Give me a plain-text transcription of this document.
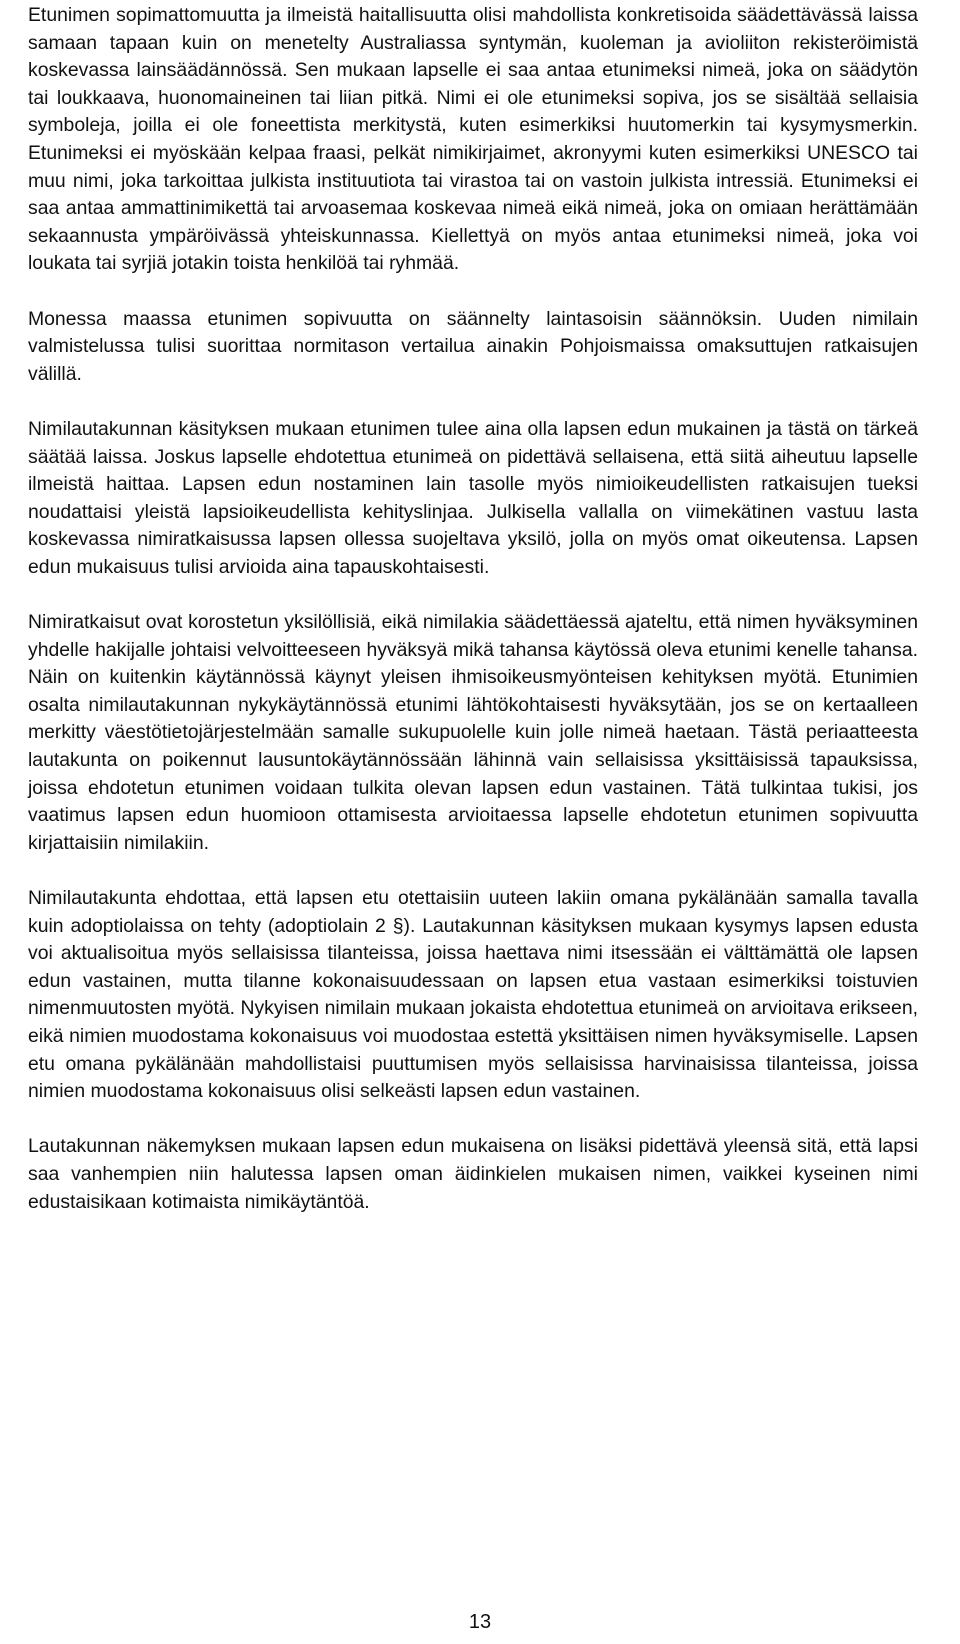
Etunimen sopimattomuutta ja ilmeistä haitallisuutta olisi mahdollista konkretisoida säädettävässä laissa samaan tapaan kuin on menetelty Australiassa syntymän, kuoleman ja avioliiton rekisteröimistä koskevassa lainsäädännössä. Sen mukaan lapselle ei saa antaa etunimeksi nimeä, joka on säädytön tai loukkaava, huonomaineinen tai liian pitkä. Nimi ei ole etunimeksi sopiva, jos se sisältää sellaisia symboleja, joilla ei ole foneettista merkitystä, kuten esimerkiksi huutomerkin tai kysymysmerkin. Etunimeksi ei myöskään kelpaa fraasi, pelkät nimikirjaimet, akronyymi kuten esimerkiksi UNESCO tai muu nimi, joka tarkoittaa julkista instituutiota tai virastoa tai on vastoin julkista intressiä. Etunimeksi ei saa antaa ammattinimikettä tai arvoasemaa koskevaa nimeä eikä nimeä, joka on omiaan herättämään sekaannusta ympäröivässä yhteiskunnassa. Kiellettyä on myös antaa etunimeksi nimeä, joka voi loukata tai syrjiä jotakin toista henkilöä tai ryhmää.

Monessa maassa etunimen sopivuutta on säännelty laintasoisin säännöksin. Uuden nimilain valmistelussa tulisi suorittaa normitason vertailua ainakin Pohjoismaissa omaksuttujen ratkaisujen välillä.

Nimilautakunnan käsityksen mukaan etunimen tulee aina olla lapsen edun mukainen ja tästä on tärkeä säätää laissa. Joskus lapselle ehdotettua etunimeä on pidettävä sellaisena, että siitä aiheutuu lapselle ilmeistä haittaa. Lapsen edun nostaminen lain tasolle myös nimioikeudellisten ratkaisujen tueksi noudattaisi yleistä lapsioikeudellista kehityslinjaa. Julkisella vallalla on viimekätinen vastuu lasta koskevassa nimiratkaisussa lapsen ollessa suojeltava yksilö, jolla on myös omat oikeutensa. Lapsen edun mukaisuus tulisi arvioida aina tapauskohtaisesti.

Nimiratkaisut ovat korostetun yksilöllisiä, eikä nimilakia säädettäessä ajateltu, että nimen hyväksyminen yhdelle hakijalle johtaisi velvoitteeseen hyväksyä mikä tahansa käytössä oleva etunimi kenelle tahansa. Näin on kuitenkin käytännössä käynyt yleisen ihmisoikeusmyönteisen kehityksen myötä. Etunimien osalta nimilautakunnan nykykäytännössä etunimi lähtökohtaisesti hyväksytään, jos se on kertaalleen merkitty väestötietojärjestelmään samalle sukupuolelle kuin jolle nimeä haetaan. Tästä periaatteesta lautakunta on poikennut lausuntokäytännössään lähinnä vain sellaisissa yksittäisissä tapauksissa, joissa ehdotetun etunimen voidaan tulkita olevan lapsen edun vastainen. Tätä tulkintaa tukisi, jos vaatimus lapsen edun huomioon ottamisesta arvioitaessa lapselle ehdotetun etunimen sopivuutta kirjattaisiin nimilakiin.

Nimilautakunta ehdottaa, että lapsen etu otettaisiin uuteen lakiin omana pykälänään samalla tavalla kuin adoptiolaissa on tehty (adoptiolain 2 §). Lautakunnan käsityksen mukaan kysymys lapsen edusta voi aktualisoitua myös sellaisissa tilanteissa, joissa haettava nimi itsessään ei välttämättä ole lapsen edun vastainen, mutta tilanne kokonaisuudessaan on lapsen etua vastaan esimerkiksi toistuvien nimenmuutosten myötä. Nykyisen nimilain mukaan jokaista ehdotettua etunimeä on arvioitava erikseen, eikä nimien muodostama kokonaisuus voi muodostaa estettä yksittäisen nimen hyväksymiselle. Lapsen etu omana pykälänään mahdollistaisi puuttumisen myös sellaisissa harvinaisissa tilanteissa, joissa nimien muodostama kokonaisuus olisi selkeästi lapsen edun vastainen.

Lautakunnan näkemyksen mukaan lapsen edun mukaisena on lisäksi pidettävä yleensä sitä, että lapsi saa vanhempien niin halutessa lapsen oman äidinkielen mukaisen nimen, vaikkei kyseinen nimi edustaisikaan kotimaista nimikäytäntöä.

13
